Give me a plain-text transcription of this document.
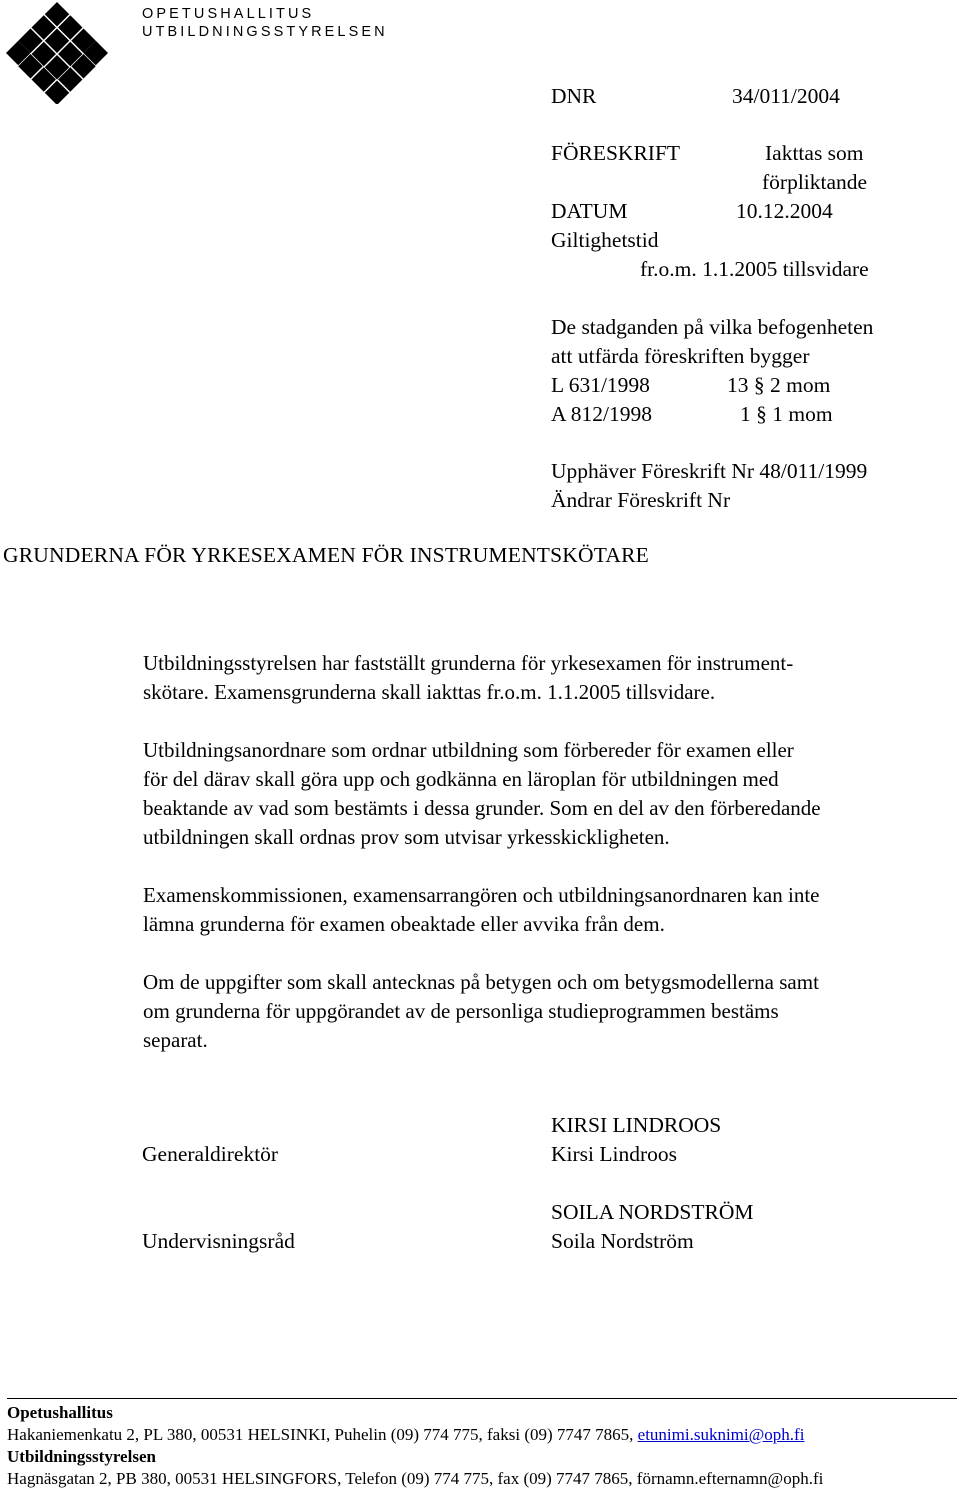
OPETUSHALLITUS
UTBILDNINGSSTYRELSEN
DNR	34/011/2004
FÖRESKRIFT	Iakttas som
förpliktande
DATUM	10.12.2004
Giltighetstid
fr.o.m. 1.1.2005 tillsvidare
De stadganden på vilka befogenheten
att utfärda föreskriften bygger
L 631/1998	13 § 2 mom
A 812/1998	1 § 1 mom
Upphäver Föreskrift Nr 48/011/1999
Ändrar Föreskrift Nr
GRUNDERNA FÖR YRKESEXAMEN FÖR INSTRUMENTSKÖTARE
Utbildningsstyrelsen har fastställt grunderna för yrkesexamen för instrument-
skötare. Examensgrunderna skall iakttas fr.o.m. 1.1.2005 tillsvidare.
Utbildningsanordnare som ordnar utbildning som förbereder för examen eller
för del därav skall göra upp och godkänna en läroplan för utbildningen med
beaktande av vad som bestämts i dessa grunder. Som en del av den förberedande
utbildningen skall ordnas prov som utvisar yrkesskickligheten.
Examenskommissionen, examensarrangören och utbildningsanordnaren kan inte
lämna grunderna för examen obeaktade eller avvika från dem.
Om de uppgifter som skall antecknas på betygen och om betygsmodellerna samt
om grunderna för uppgörandet av de personliga studieprogrammen bestäms
separat.
KIRSI LINDROOS
Generaldirektör	Kirsi Lindroos
SOILA NORDSTRÖM
Undervisningsråd	Soila Nordström
Opetushallitus
Hakaniemenkatu 2, PL 380, 00531 HELSINKI, Puhelin (09) 774 775, faksi (09) 7747 7865, etunimi.suknimi@oph.fi
Utbildningsstyrelsen
Hagnäsgatan 2, PB 380, 00531 HELSINGFORS, Telefon (09) 774 775, fax (09) 7747 7865, förnamn.efternamn@oph.fi
